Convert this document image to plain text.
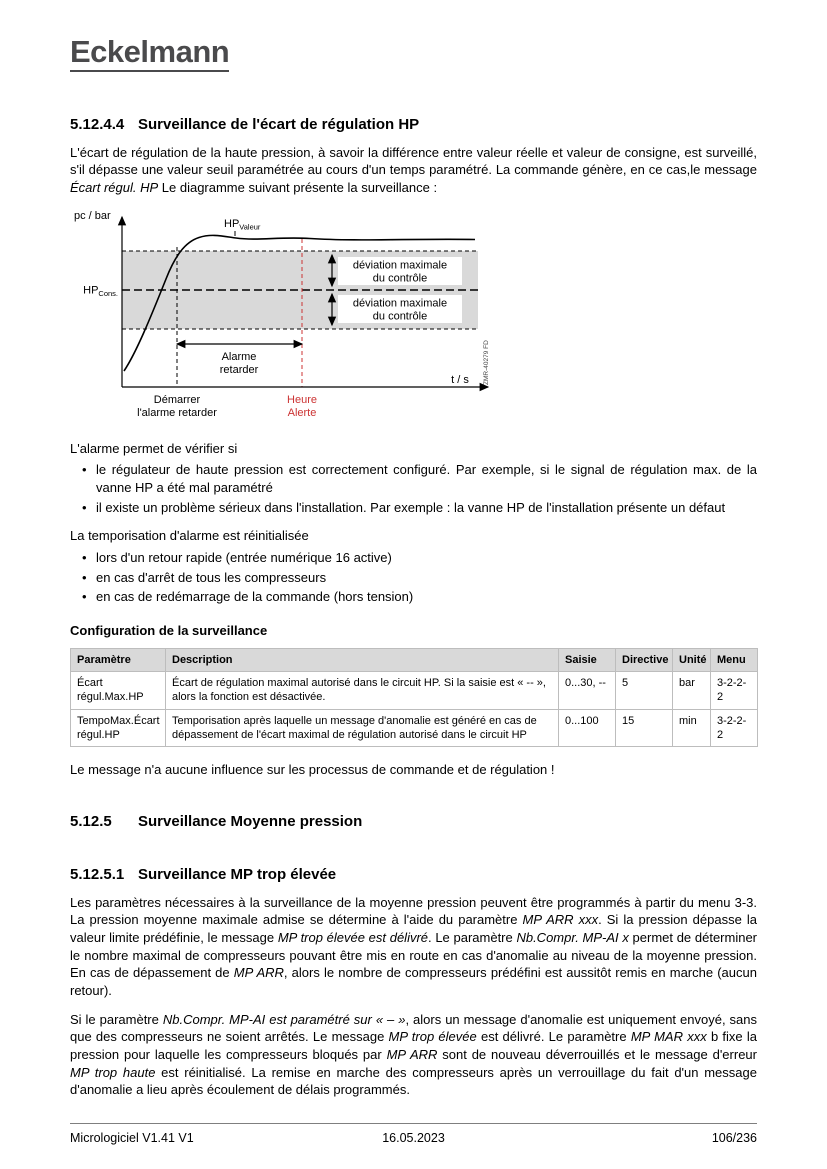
Eckelmann
5.12.4.4 Surveillance de l'écart de régulation HP

L'écart de régulation de la haute pression, à savoir la différence entre valeur réelle et valeur de consigne, est surveillé, s'il dépasse une valeur seuil paramétrée au cours d'un temps paramétré. La commande génère, en ce cas,le message Écart régul. HP Le diagramme suivant présente la surveillance :

déviation maximale
du contrôle
déviation maximale
du contrôle
$HP_{Valeur}$
$HP_{Cons.}$
Alarme
retarder
Démarrer
l'alarme retarder
Heure
Alerte
pc / bar
t / s ZMR-40279 FD

L'alarme permet de vérifier si

• le régulateur de haute pression est correctement configuré. Par exemple, si le signal de régulation max. de la vanne HP a été mal paramétré
• il existe un problème sérieux dans l'installation. Par exemple : la vanne HP de l'installation présente un défaut

La temporisation d'alarme est réinitialisée

• lors d'un retour rapide (entrée numérique 16 active)
• en cas d'arrêt de tous les compresseurs
• en cas de redémarrage de la commande (hors tension)

Configuration de la surveillance

Paramètre	Description	Saisie	Directive	Unité	Menu
Écart régul.Max.HP	Écart de régulation maximal autorisé dans le circuit HP. Si la saisie est « -- », alors la fonction est désactivée.	0...30, --	5	bar	3-2-2-2
TempoMax.Écart régul.HP	Temporisation après laquelle un message d'anomalie est généré en cas de dépassement de l'écart maximal de régulation autorisé dans le circuit HP	0...100	15	min	3-2-2-2

Le message n'a aucune influence sur les processus de commande et de régulation !

5.12.5 Surveillance Moyenne pression
5.12.5.1 Surveillance MP trop élevée

Les paramètres nécessaires à la surveillance de la moyenne pression peuvent être programmés à partir du menu 3-3. La pression moyenne maximale admise se détermine à l'aide du paramètre MP ARR xxx. Si la pression dépasse la valeur limite prédéfinie, le message MP trop élevée est délivré. Le paramètre Nb.Compr. MP-AI x permet de déterminer le nombre maximal de compresseurs pouvant être mis en route en cas d'anomalie au niveau de la moyenne pression. En cas de dépassement de MP ARR, alors le nombre de compresseurs prédéfini est aussitôt remis en marche (aucun retour).

Si le paramètre Nb.Compr. MP-AI est paramétré sur « – », alors un message d'anomalie est uniquement envoyé, sans que des compresseurs ne soient arrêtés. Le message MP trop élevée est délivré. Le paramètre MP MAR xxx b fixe la pression pour laquelle les compresseurs bloqués par MP ARR sont de nouveau déverrouillés et le message d'erreur MP trop haute est réinitialisé. La remise en marche des compresseurs après un verrouillage du fait d'un message d'anomalie a lieu après écoulement de délais programmés.

Micrologiciel V1.41 V1	16.05.2023	106/236
